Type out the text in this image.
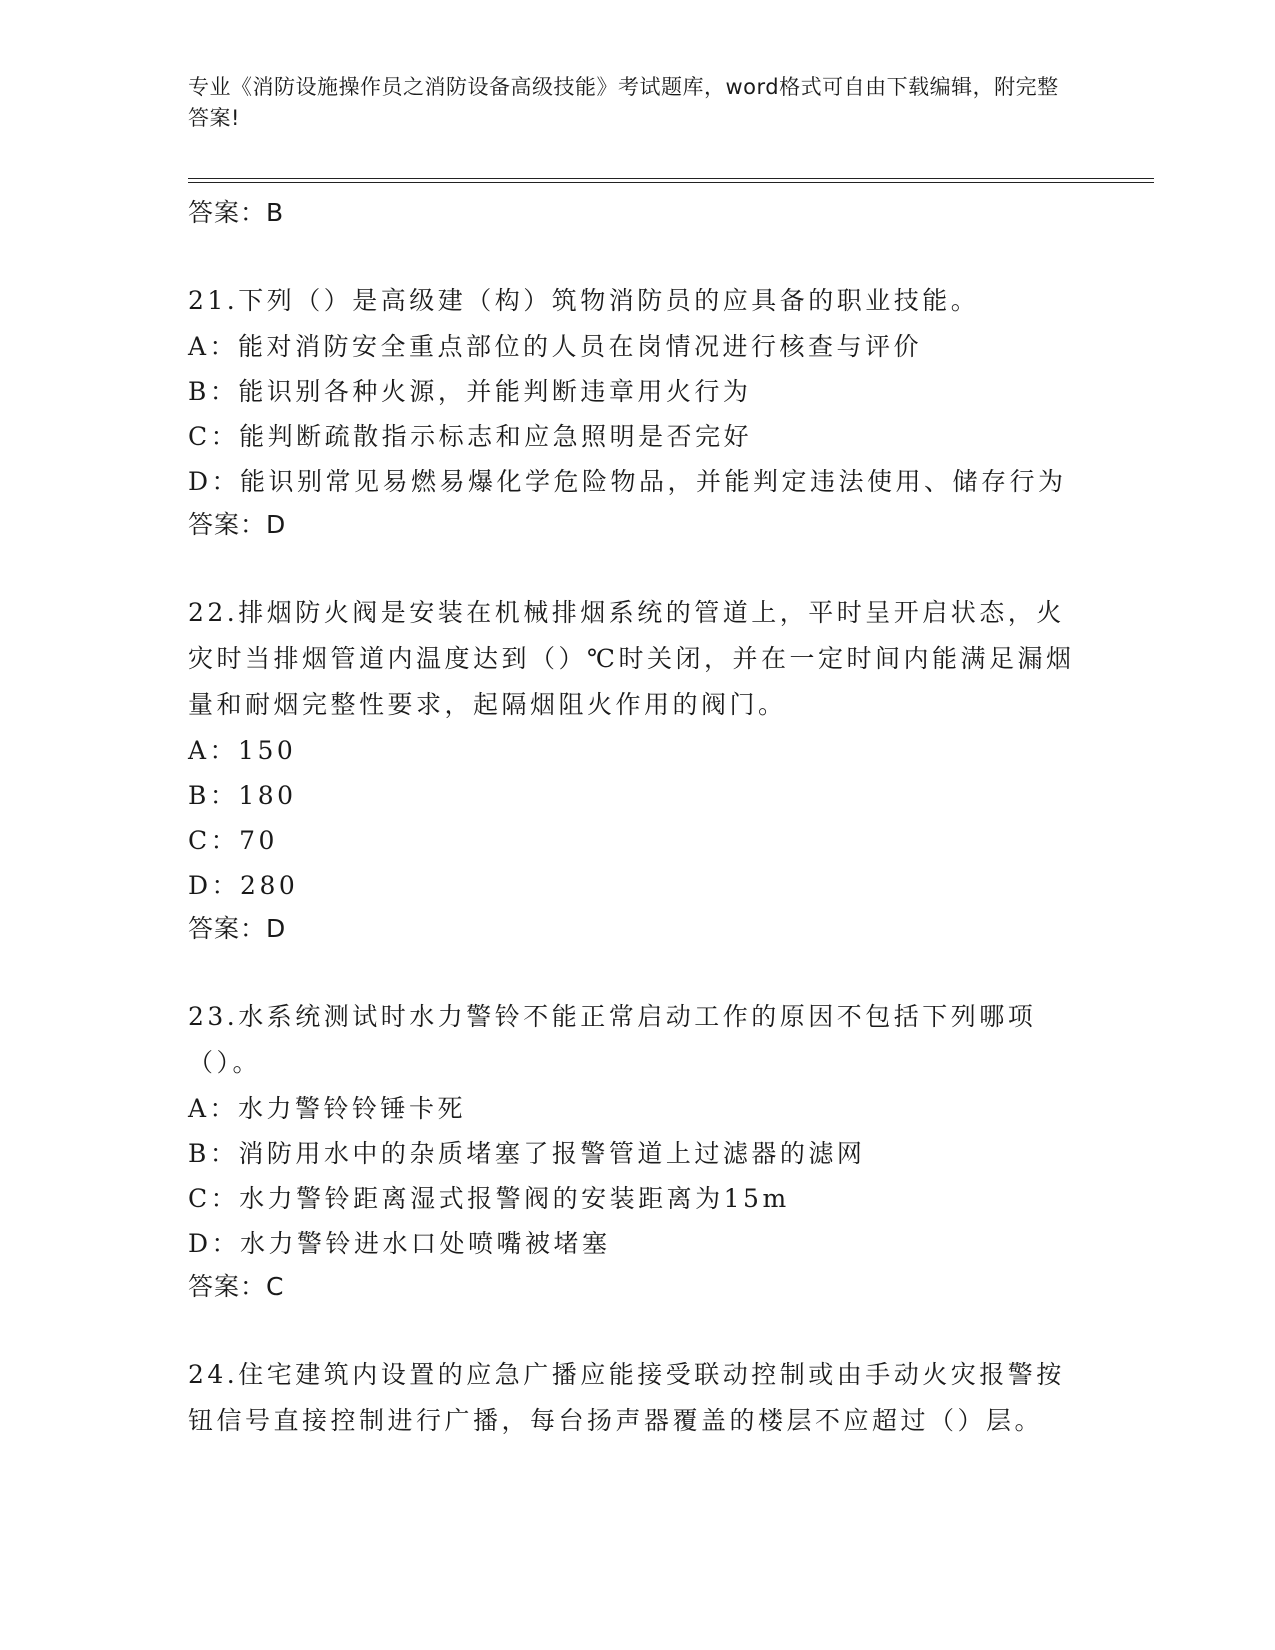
专业《消防设施操作员之消防设备高级技能》考试题库，word格式可自由下载编辑，附完整答案!
答案：B
21.下列（）是高级建（构）筑物消防员的应具备的职业技能。
A：能对消防安全重点部位的人员在岗情况进行核查与评价
B：能识别各种火源，并能判断违章用火行为
C：能判断疏散指示标志和应急照明是否完好
D：能识别常见易燃易爆化学危险物品，并能判定违法使用、储存行为
答案：D
22.排烟防火阀是安装在机械排烟系统的管道上，平时呈开启状态，火灾时当排烟管道内温度达到（）℃时关闭，并在一定时间内能满足漏烟量和耐烟完整性要求，起隔烟阻火作用的阀门。
A：150
B：180
C：70
D：280
答案：D
23.水系统测试时水力警铃不能正常启动工作的原因不包括下列哪项（）。
A：水力警铃铃锤卡死
B：消防用水中的杂质堵塞了报警管道上过滤器的滤网
C：水力警铃距离湿式报警阀的安装距离为15m
D：水力警铃进水口处喷嘴被堵塞
答案：C
24.住宅建筑内设置的应急广播应能接受联动控制或由手动火灾报警按钮信号直接控制进行广播，每台扬声器覆盖的楼层不应超过（）层。
